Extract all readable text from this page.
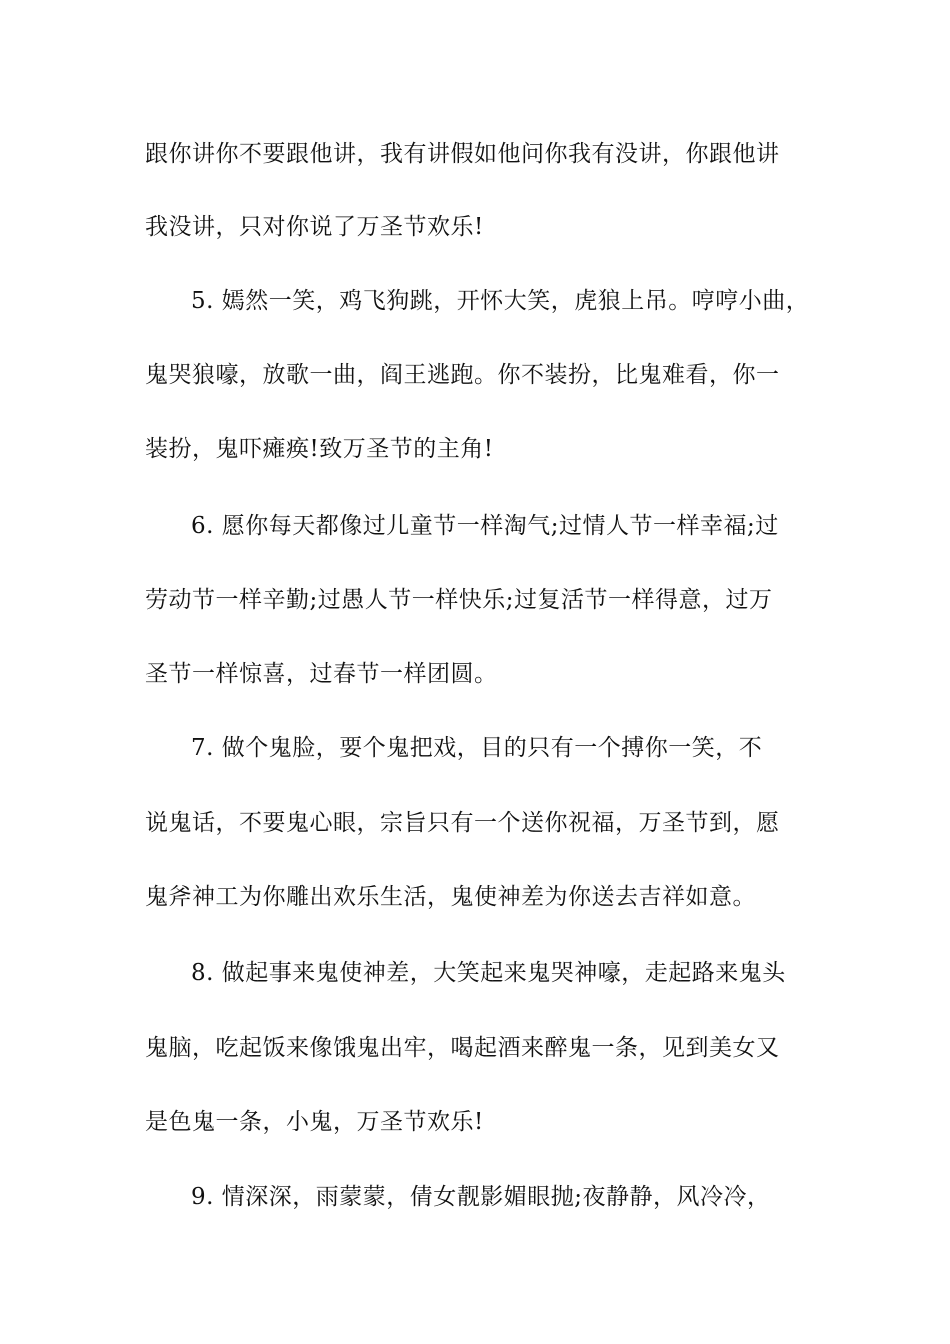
跟你讲你不要跟他讲，我有讲假如他问你我有没讲，你跟他讲
我没讲，只对你说了万圣节欢乐!
5. 嫣然一笑，鸡飞狗跳，开怀大笑，虎狼上吊。哼哼小曲，
鬼哭狼嚎，放歌一曲，阎王逃跑。你不装扮，比鬼难看，你一
装扮，鬼吓瘫痪!致万圣节的主角!
6. 愿你每天都像过儿童节一样淘气;过情人节一样幸福;过
劳动节一样辛勤;过愚人节一样快乐;过复活节一样得意，过万
圣节一样惊喜，过春节一样团圆。
7. 做个鬼脸，要个鬼把戏，目的只有一个搏你一笑，不
说鬼话，不要鬼心眼，宗旨只有一个送你祝福，万圣节到，愿
鬼斧神工为你雕出欢乐生活，鬼使神差为你送去吉祥如意。
8. 做起事来鬼使神差，大笑起来鬼哭神嚎，走起路来鬼头
鬼脑，吃起饭来像饿鬼出牢，喝起酒来醉鬼一条，见到美女又
是色鬼一条，小鬼，万圣节欢乐!
9. 情深深，雨蒙蒙，倩女靓影媚眼抛;夜静静，风冷冷，
